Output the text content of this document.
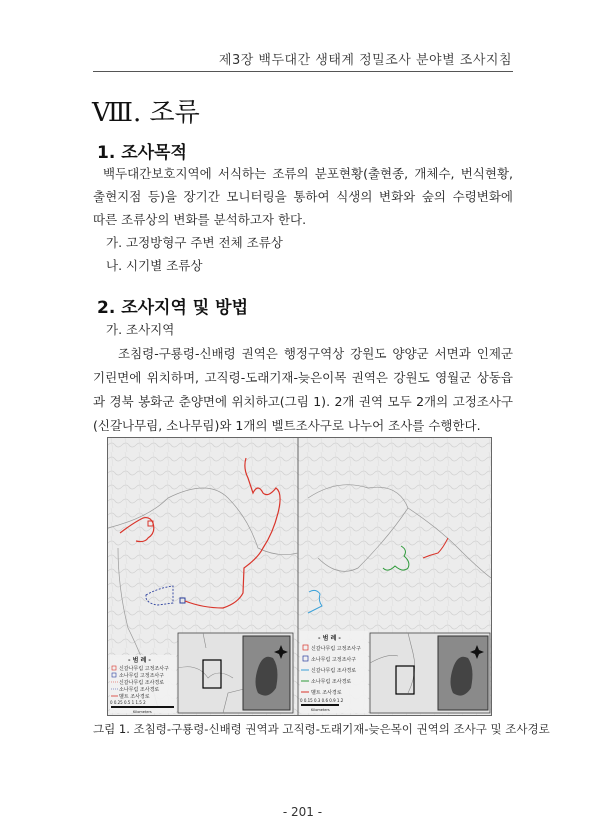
제3장 백두대간 생태계 정밀조사 분야별 조사지침
Ⅷ. 조류
1. 조사목적
백두대간보호지역에 서식하는 조류의 분포현황(출현종, 개체수, 번식현황,
출현지점 등)을 장기간 모니터링을 통하여 식생의 변화와 숲의 수령변화에
따른 조류상의 변화를 분석하고자 한다.
가. 고정방형구 주변 전체 조류상
나. 시기별 조류상
2. 조사지역 및 방법
가. 조사지역
조침령-구룡령-신배령 권역은 행정구역상 강원도 양양군 서면과 인제군
기린면에 위치하며, 고직령-도래기재-늦은이목 권역은 강원도 영월군 상동읍
과 경북 봉화군 춘양면에 위치하고(그림 1). 2개 권역 모두 2개의 고정조사구
(신갈나무림, 소나무림)와 1개의 벨트조사구로 나누어 조사를 수행한다.
- 범 례 -
신갈나무림 고정조사구
소나무림 고정조사구
신갈나무림 조사경로
소나무림 조사경로
벨트 조사경로
0 0.25 0.5 1 1.5 2
Kilometers
- 범 례 -
신갈나무림 고정조사구
소나무림 고정조사구
신갈나무림 조사경로
소나무림 조사경로
벨트 조사경로
0 0.15 0.3 0.6 0.9 1.2
Kilometers
그림 1. 조침령-구룡령-신배령 권역과 고직령-도래기재-늦은목이 권역의 조사구 및 조사경로
- 201 -
